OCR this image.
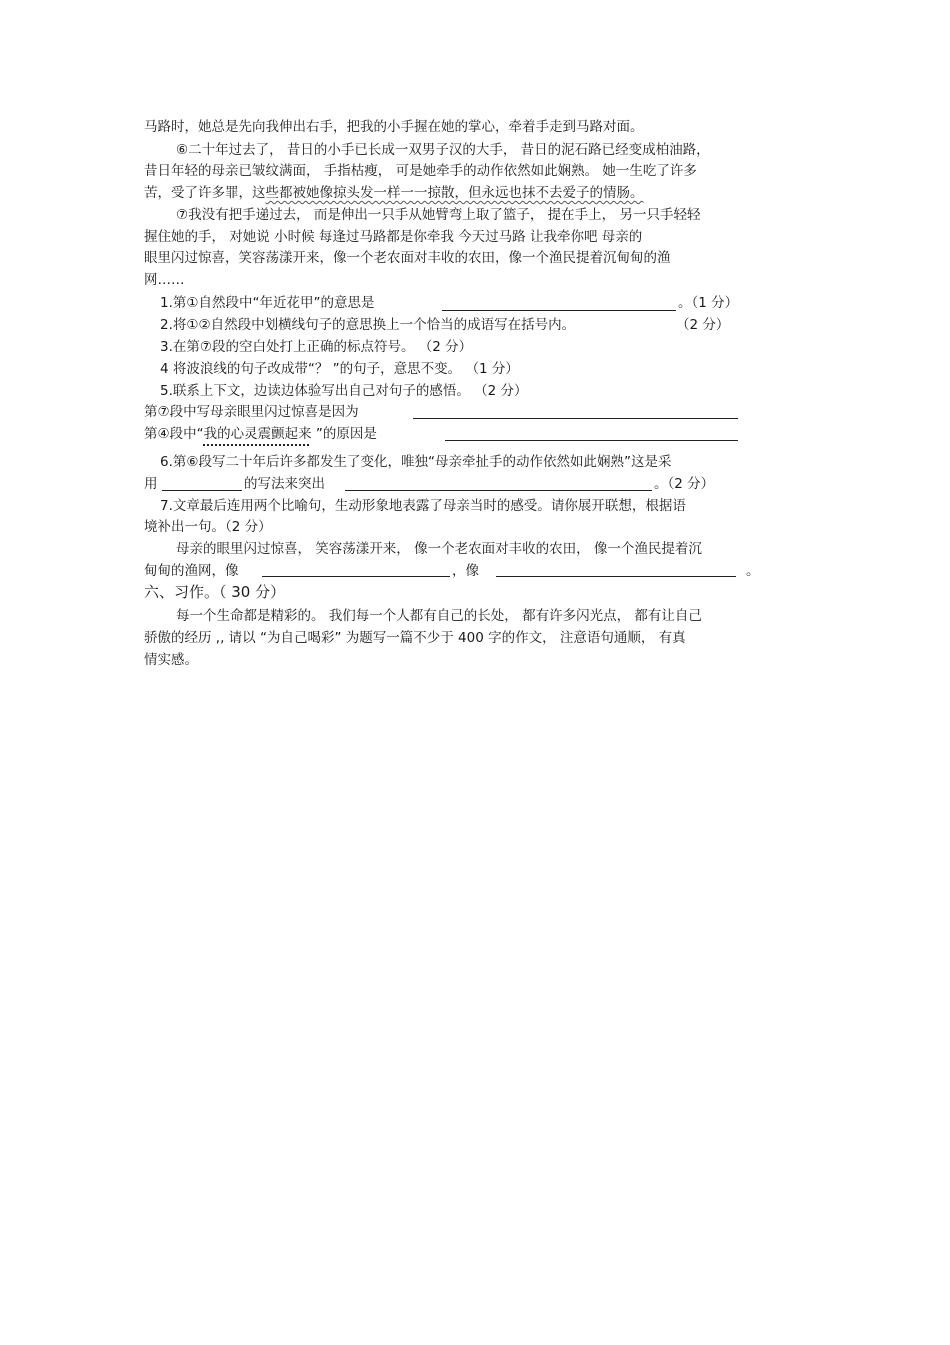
马路时，她总是先向我伸出右手，把我的小手握在她的掌心，牵着手走到马路对面。
⑥二十年过去了， 昔日的小手已长成一双男子汉的大手， 昔日的泥石路已经变成柏油路，
昔日年轻的母亲已皱纹满面， 手指枯瘦， 可是她牵手的动作依然如此娴熟。 她一生吃了许多
苦，受了许多罪，这些都被她像掠头发一样一一掠散，但永远也抹不去爱子的情肠。
⑦我没有把手递过去， 而是伸出一只手从她臂弯上取了篮子， 提在手上， 另一只手轻轻
握住她的手， 对她说 小时候 每逢过马路都是你牵我 今天过马路 让我牵你吧 母亲的
眼里闪过惊喜，笑容荡漾开来，像一个老农面对丰收的农田，像一个渔民提着沉甸甸的渔
网……
1.第①自然段中“年近花甲”的意思是	。（1 分）
2.将①②自然段中划横线句子的意思换上一个恰当的成语写在括号内。	（2 分）
3.在第⑦段的空白处打上正确的标点符号。 （2 分）
4 将波浪线的句子改成带“？ ”的句子，意思不变。 （1 分）
5.联系上下文，边读边体验写出自己对句子的感悟。 （2 分）
第⑦段中写母亲眼里闪过惊喜是因为
第④段中“我的心灵震颤起来 ”的原因是
6.第⑥段写二十年后许多都发生了变化，唯独“母亲牵扯手的动作依然如此娴熟”这是采
用	的写法来突出	。（2 分）
7.文章最后连用两个比喻句，生动形象地表露了母亲当时的感受。请你展开联想，根据语
境补出一句。（2 分）
母亲的眼里闪过惊喜， 笑容荡漾开来， 像一个老农面对丰收的农田， 像一个渔民提着沉
甸甸的渔网，像	，像	。
六、习作。（ 30 分）
每一个生命都是精彩的。 我们每一个人都有自己的长处， 都有许多闪光点， 都有让自己
骄傲的经历 ,, 请以 “为自己喝彩” 为题写一篇不少于 400 字的作文， 注意语句通顺， 有真
情实感。
